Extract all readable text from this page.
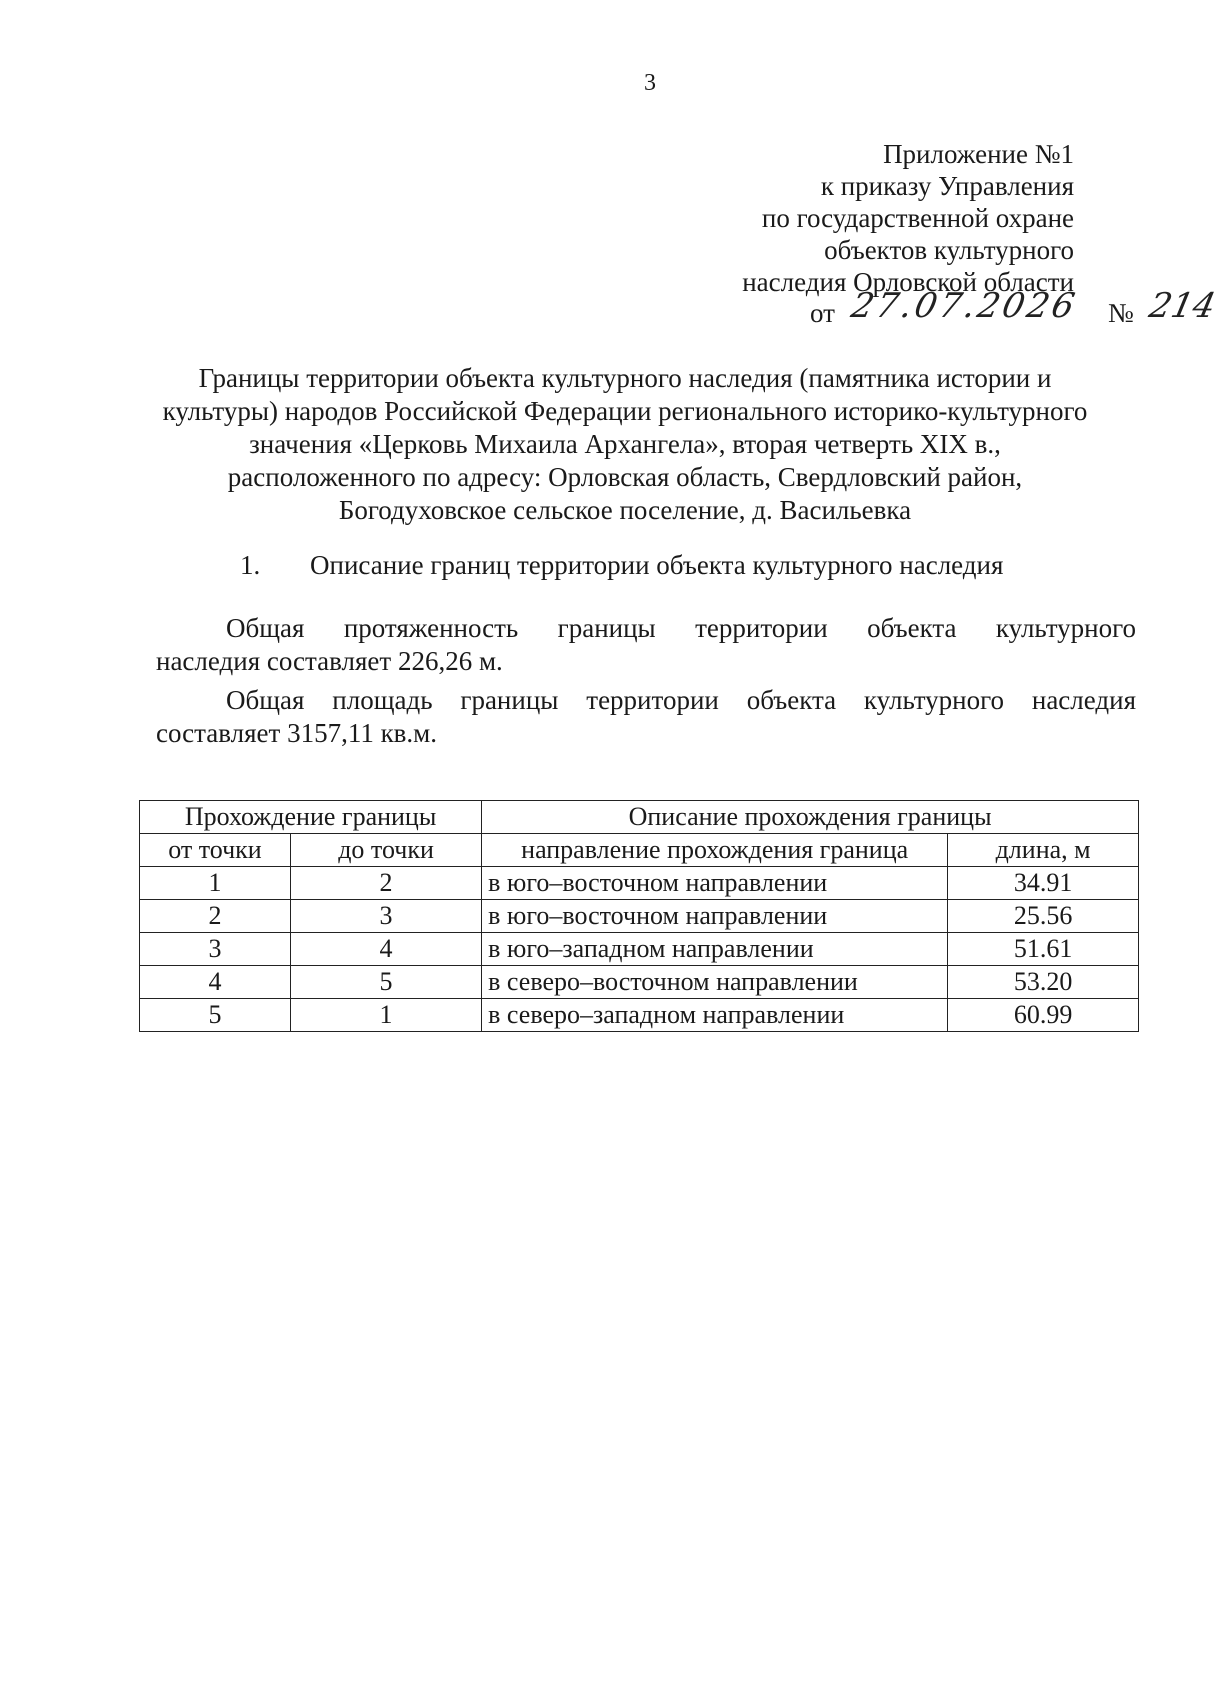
3
Приложение №1
к приказу Управления
по государственной охране
объектов культурного
наследия Орловской области
от 27.07.2026 № 214
Границы территории объекта культурного наследия (памятника истории и
культуры) народов Российской Федерации регионального историко-культурного
значения «Церковь Михаила Архангела», вторая четверть XIX в.,
расположенного по адресу: Орловская область, Свердловский район,
Богодуховское сельское поселение, д. Васильевка
1. Описание границ территории объекта культурного наследия
Общая протяженность границы территории объекта культурного
наследия составляет 226,26 м.
Общая площадь границы территории объекта культурного наследия
составляет 3157,11 кв.м.
Прохождение границы		Описание прохождения границы	
от точки	до точки	направление прохождения граница	длина, м
1	2	в юго–восточном направлении	34.91
2	3	в юго–восточном направлении	25.56
3	4	в юго–западном направлении	51.61
4	5	в северо–восточном направлении	53.20
5	1	в северо–западном направлении	60.99
